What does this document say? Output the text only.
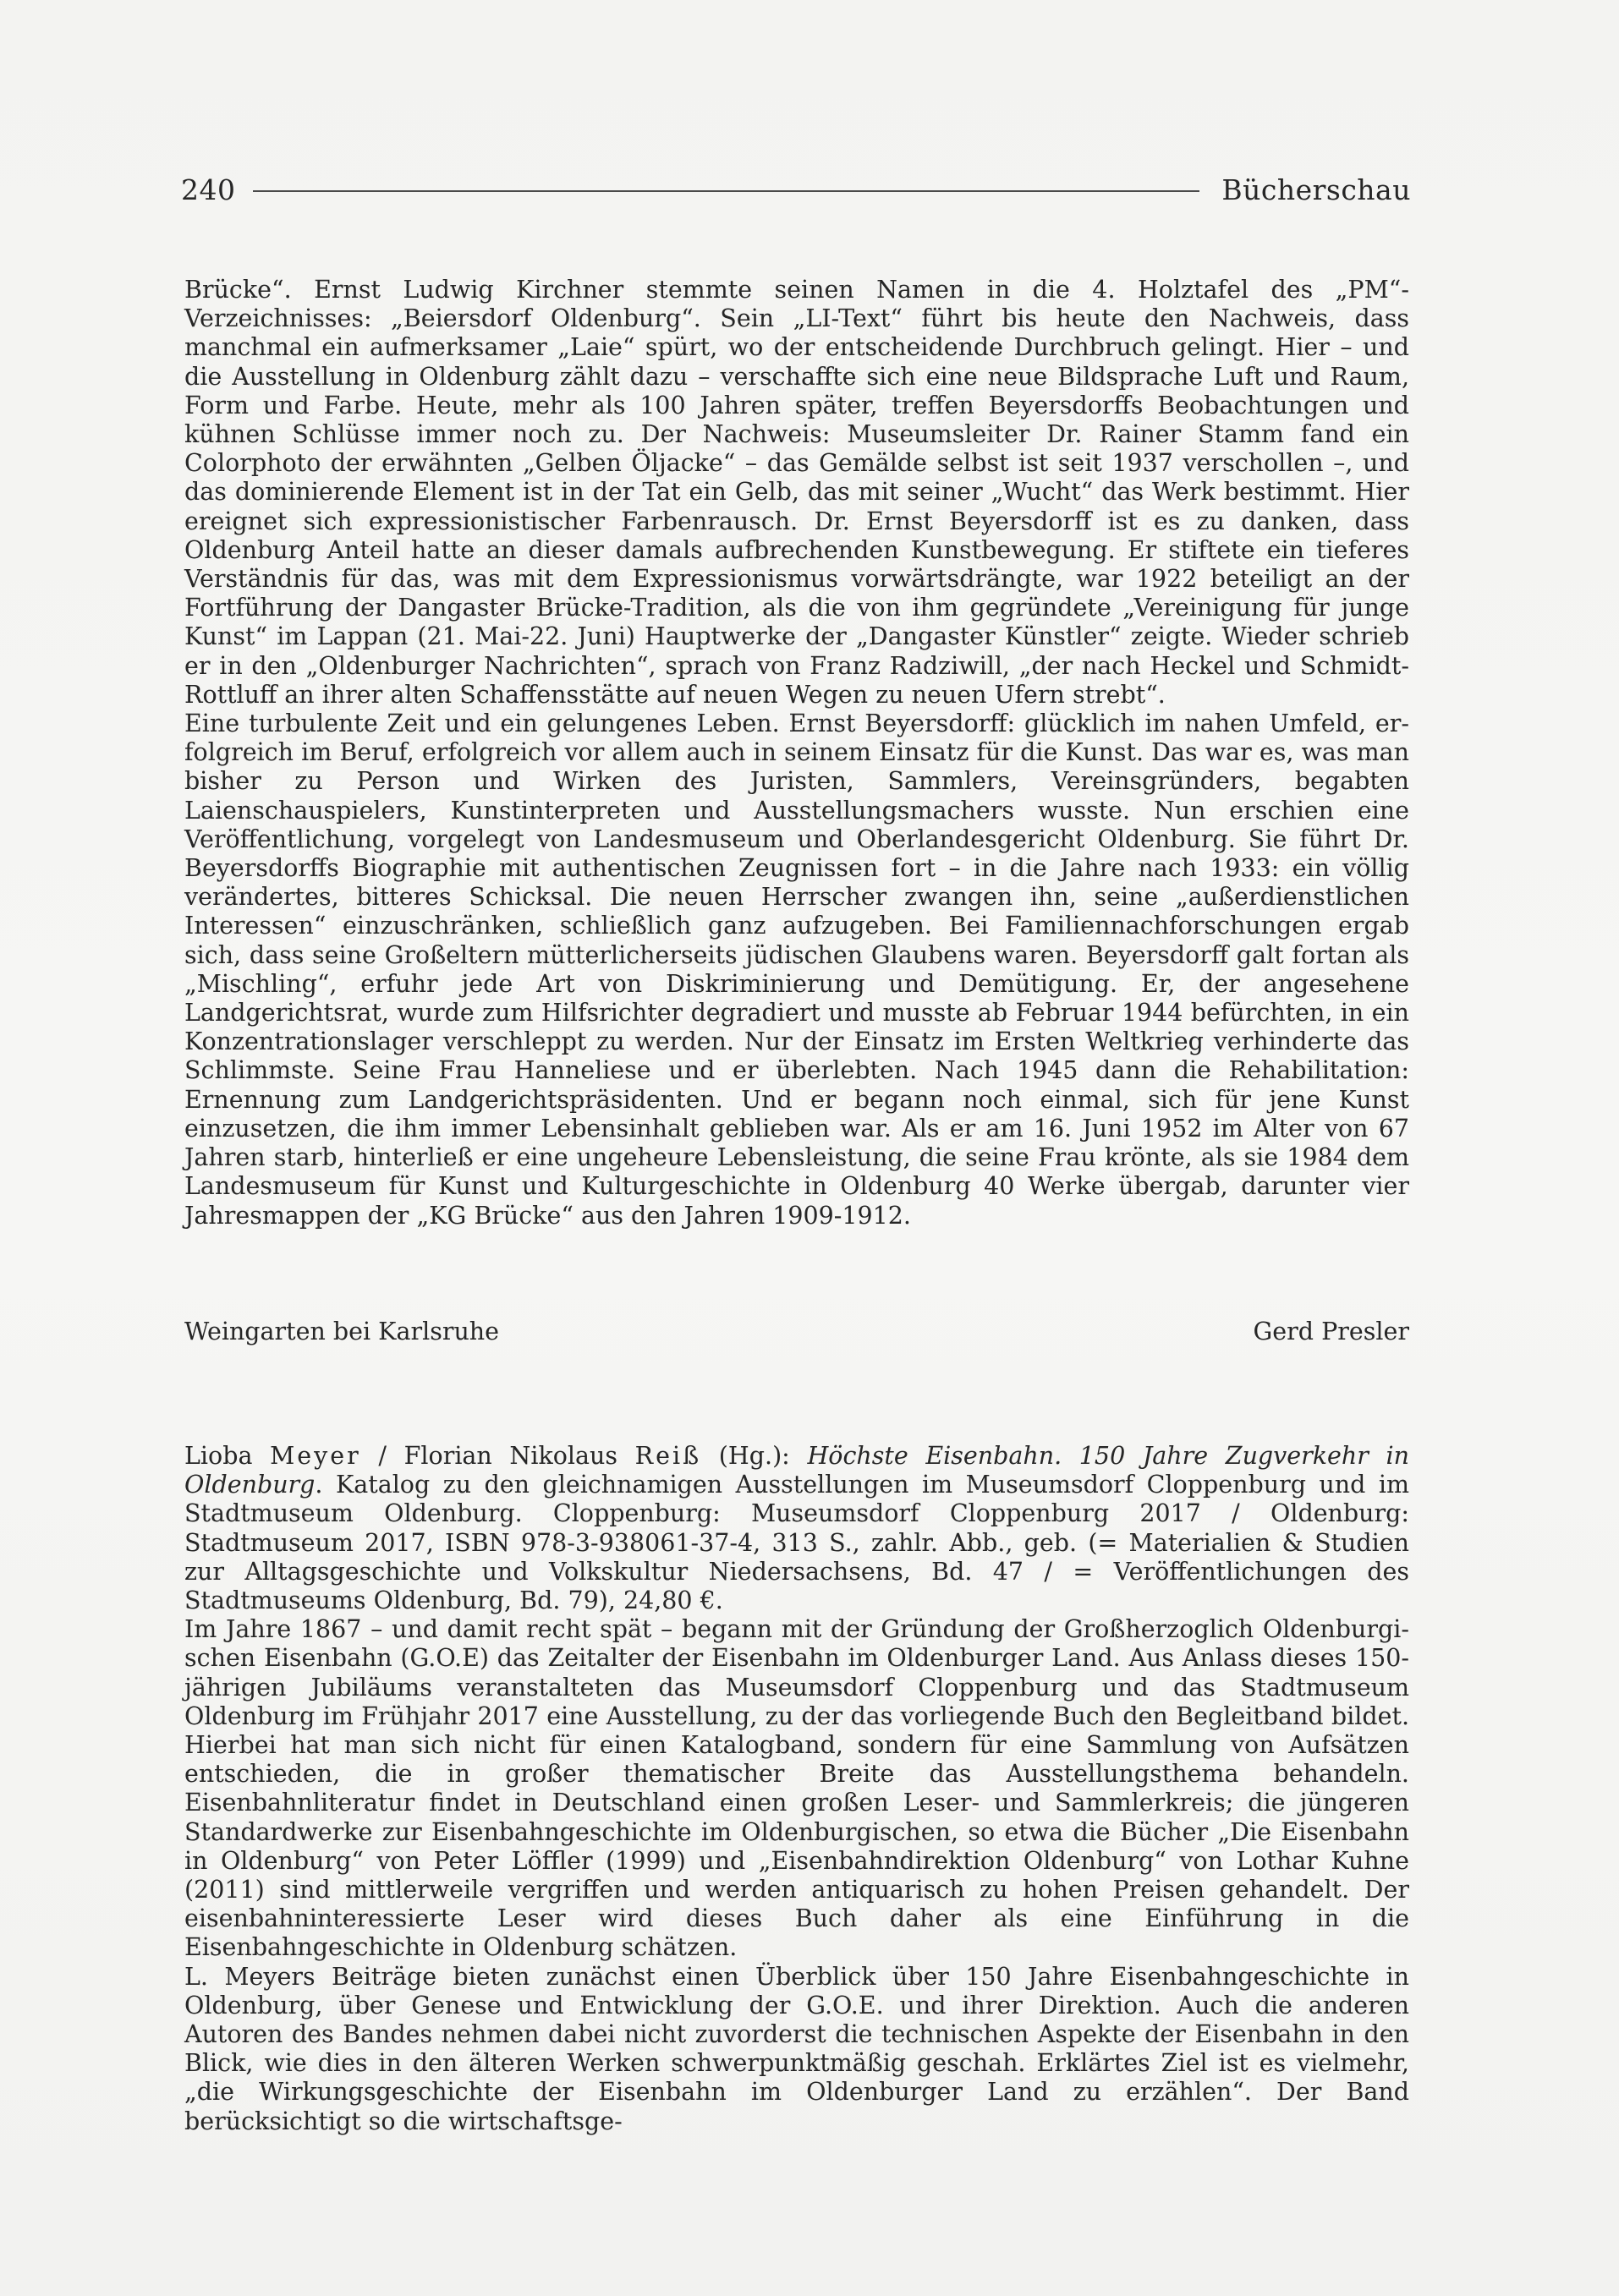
240	Bücherschau

Brücke“. Ernst Ludwig Kirchner stemmte seinen Namen in die 4. Holztafel des „PM“-Verzeichnisses: „Beiersdorf Oldenburg“. Sein „LI-Text“ führt bis heute den Nachweis, dass manchmal ein aufmerksamer „Laie“ spürt, wo der entscheidende Durchbruch gelingt. Hier – und die Ausstellung in Oldenburg zählt dazu – verschaffte sich eine neue Bildsprache Luft und Raum, Form und Farbe. Heute, mehr als 100 Jahren später, treffen Beyersdorffs Beobachtungen und kühnen Schlüsse immer noch zu. Der Nachweis: Museumsleiter Dr. Rainer Stamm fand ein Colorphoto der erwähnten „Gelben Öljacke“ – das Gemälde selbst ist seit 1937 verschollen –, und das dominierende Element ist in der Tat ein Gelb, das mit seiner „Wucht“ das Werk bestimmt. Hier ereignet sich expressionistischer Farbenrausch. Dr. Ernst Beyersdorff ist es zu danken, dass Oldenburg Anteil hatte an dieser damals aufbrechenden Kunstbewegung. Er stiftete ein tieferes Verständnis für das, was mit dem Expressionismus vorwärtsdrängte, war 1922 beteiligt an der Fortführung der Dangaster Brücke-Tradition, als die von ihm gegründete „Vereinigung für junge Kunst“ im Lappan (21. Mai-22. Juni) Hauptwerke der „Dangaster Künstler“ zeigte. Wieder schrieb er in den „Oldenburger Nachrichten“, sprach von Franz Radziwill, „der nach Heckel und Schmidt-Rottluff an ihrer alten Schaffensstätte auf neuen Wegen zu neuen Ufern strebt“.

Eine turbulente Zeit und ein gelungenes Leben. Ernst Beyersdorff: glücklich im nahen Umfeld, erfolgreich im Beruf, erfolgreich vor allem auch in seinem Einsatz für die Kunst. Das war es, was man bisher zu Person und Wirken des Juristen, Sammlers, Vereinsgründers, begabten Laienschauspielers, Kunstinterpreten und Ausstellungsmachers wusste. Nun erschien eine Veröffentlichung, vorgelegt von Landesmuseum und Oberlandesgericht Oldenburg. Sie führt Dr. Beyersdorffs Biographie mit authentischen Zeugnissen fort – in die Jahre nach 1933: ein völlig verändertes, bitteres Schicksal. Die neuen Herrscher zwangen ihn, seine „außerdienstlichen Interessen“ einzuschränken, schließlich ganz aufzugeben. Bei Familiennachforschungen ergab sich, dass seine Großeltern mütterlicherseits jüdischen Glaubens waren. Beyersdorff galt fortan als „Mischling“, erfuhr jede Art von Diskriminierung und Demütigung. Er, der angesehene Landgerichtsrat, wurde zum Hilfsrichter degradiert und musste ab Februar 1944 befürchten, in ein Konzentrationslager verschleppt zu werden. Nur der Einsatz im Ersten Weltkrieg verhinderte das Schlimmste. Seine Frau Hanneliese und er überlebten. Nach 1945 dann die Rehabilitation: Ernennung zum Landgerichtspräsidenten. Und er begann noch einmal, sich für jene Kunst einzusetzen, die ihm immer Lebensinhalt geblieben war. Als er am 16. Juni 1952 im Alter von 67 Jahren starb, hinterließ er eine ungeheure Lebensleistung, die seine Frau krönte, als sie 1984 dem Landesmuseum für Kunst und Kulturgeschichte in Oldenburg 40 Werke übergab, darunter vier Jahresmappen der „KG Brücke“ aus den Jahren 1909-1912.

Weingarten bei Karlsruhe	Gerd Presler

Lioba Meyer / Florian Nikolaus Reiß (Hg.): Höchste Eisenbahn. 150 Jahre Zugverkehr in Oldenburg. Katalog zu den gleichnamigen Ausstellungen im Museumsdorf Cloppenburg und im Stadtmuseum Oldenburg. Cloppenburg: Museumsdorf Cloppenburg 2017 / Oldenburg: Stadtmuseum 2017, ISBN 978-3-938061-37-4, 313 S., zahlr. Abb., geb. (= Materialien & Studien zur Alltagsgeschichte und Volkskultur Niedersachsens, Bd. 47 / = Veröffentlichungen des Stadtmuseums Oldenburg, Bd. 79), 24,80 €.

Im Jahre 1867 – und damit recht spät – begann mit der Gründung der Großherzoglich Oldenburgischen Eisenbahn (G.O.E) das Zeitalter der Eisenbahn im Oldenburger Land. Aus Anlass dieses 150-jährigen Jubiläums veranstalteten das Museumsdorf Cloppenburg und das Stadtmuseum Oldenburg im Frühjahr 2017 eine Ausstellung, zu der das vorliegende Buch den Begleitband bildet. Hierbei hat man sich nicht für einen Katalogband, sondern für eine Sammlung von Aufsätzen entschieden, die in großer thematischer Breite das Ausstellungsthema behandeln. Eisenbahnliteratur findet in Deutschland einen großen Leser- und Sammlerkreis; die jüngeren Standardwerke zur Eisenbahngeschichte im Oldenburgischen, so etwa die Bücher „Die Eisenbahn in Oldenburg“ von Peter Löffler (1999) und „Eisenbahndirektion Oldenburg“ von Lothar Kuhne (2011) sind mittlerweile vergriffen und werden antiquarisch zu hohen Preisen gehandelt. Der eisenbahninteressierte Leser wird dieses Buch daher als eine Einführung in die Eisenbahngeschichte in Oldenburg schätzen.

L. Meyers Beiträge bieten zunächst einen Überblick über 150 Jahre Eisenbahngeschichte in Oldenburg, über Genese und Entwicklung der G.O.E. und ihrer Direktion. Auch die anderen Autoren des Bandes nehmen dabei nicht zuvorderst die technischen Aspekte der Eisenbahn in den Blick, wie dies in den älteren Werken schwerpunktmäßig geschah. Erklärtes Ziel ist es vielmehr, „die Wirkungsgeschichte der Eisenbahn im Oldenburger Land zu erzählen“. Der Band berücksichtigt so die wirtschaftsge-
